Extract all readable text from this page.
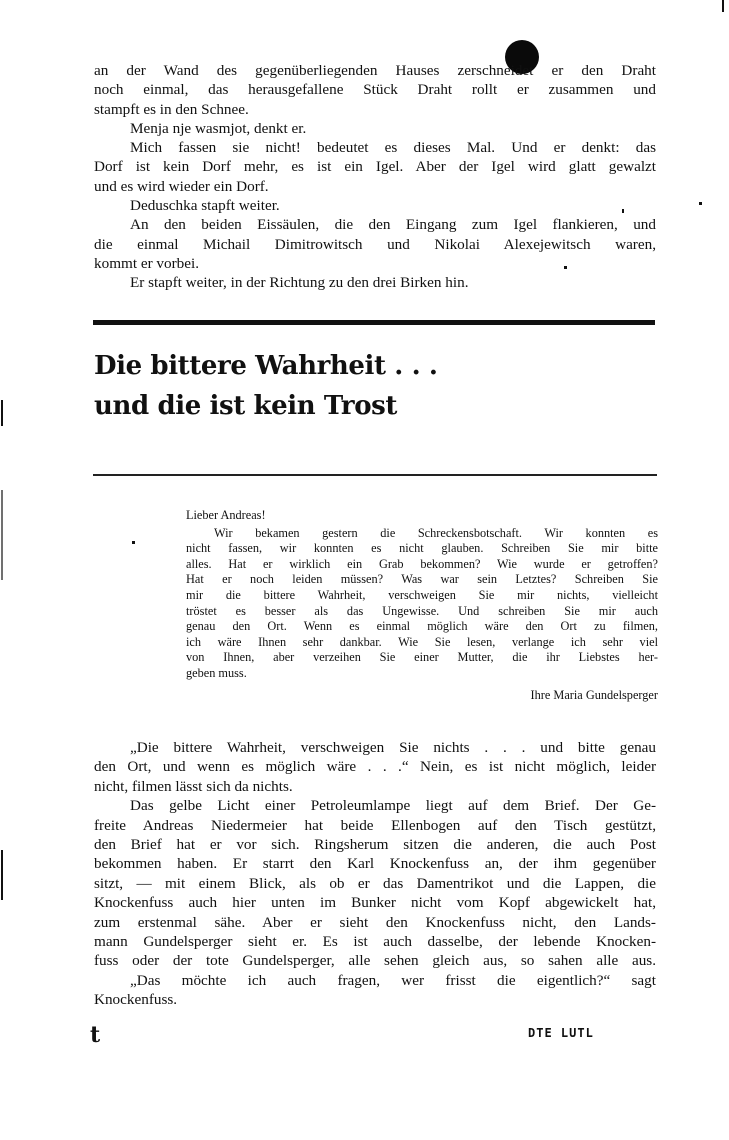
an der Wand des gegenüberliegenden Hauses zerschneidet er den Draht
noch einmal, das herausgefallene Stück Draht rollt er zusammen und
stampft es in den Schnee.
Menja nje wasmjot, denkt er.
Mich fassen sie nicht! bedeutet es dieses Mal. Und er denkt: das
Dorf ist kein Dorf mehr, es ist ein Igel. Aber der Igel wird glatt gewalzt
und es wird wieder ein Dorf.
Deduschka stapft weiter.
An den beiden Eissäulen, die den Eingang zum Igel flankieren, und
die einmal Michail Dimitrowitsch und Nikolai Alexejewitsch waren,
kommt er vorbei.
Er stapft weiter, in der Richtung zu den drei Birken hin.
Die bittere Wahrheit . . .
und die ist kein Trost
Lieber Andreas!
Wir bekamen gestern die Schreckensbotschaft. Wir konnten es
nicht fassen, wir konnten es nicht glauben. Schreiben Sie mir bitte
alles. Hat er wirklich ein Grab bekommen? Wie wurde er getroffen?
Hat er noch leiden müssen? Was war sein Letztes? Schreiben Sie
mir die bittere Wahrheit, verschweigen Sie mir nichts, vielleicht
tröstet es besser als das Ungewisse. Und schreiben Sie mir auch
genau den Ort. Wenn es einmal möglich wäre den Ort zu filmen,
ich wäre Ihnen sehr dankbar. Wie Sie lesen, verlange ich sehr viel
von Ihnen, aber verzeihen Sie einer Mutter, die ihr Liebstes her-
geben muss.
Ihre Maria Gundelsperger
„Die bittere Wahrheit, verschweigen Sie nichts . . . und bitte genau
den Ort, und wenn es möglich wäre . . .“ Nein, es ist nicht möglich, leider
nicht, filmen lässt sich da nichts.
Das gelbe Licht einer Petroleumlampe liegt auf dem Brief. Der Ge-
freite Andreas Niedermeier hat beide Ellenbogen auf den Tisch gestützt,
den Brief hat er vor sich. Ringsherum sitzen die anderen, die auch Post
bekommen haben. Er starrt den Karl Knockenfuss an, der ihm gegenüber
sitzt, — mit einem Blick, als ob er das Damentrikot und die Lappen, die
Knockenfuss auch hier unten im Bunker nicht vom Kopf abgewickelt hat,
zum erstenmal sähe. Aber er sieht den Knockenfuss nicht, den Lands-
mann Gundelsperger sieht er. Es ist auch dasselbe, der lebende Knocken-
fuss oder der tote Gundelsperger, alle sehen gleich aus, so sahen alle aus.
„Das möchte ich auch fragen, wer frisst die eigentlich?“ sagt
Knockenfuss.
t	DTE LUTL
